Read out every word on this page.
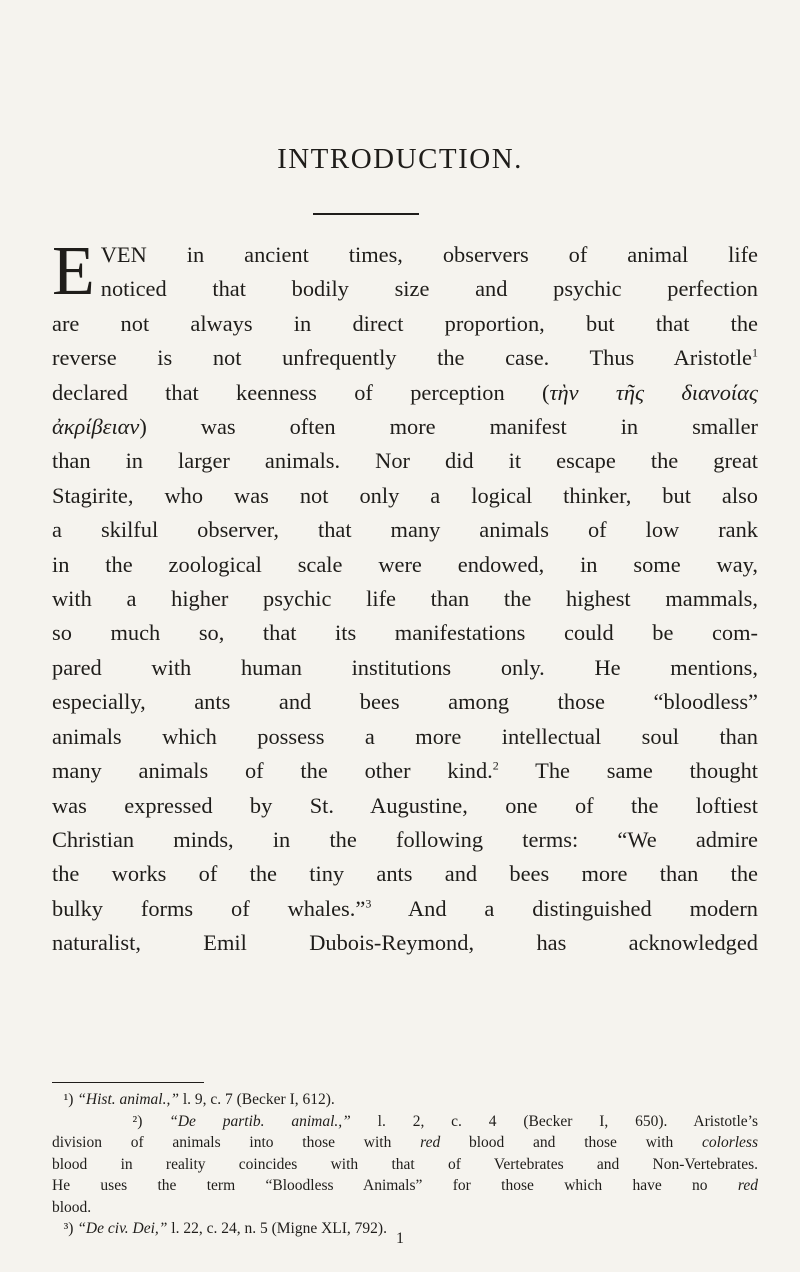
INTRODUCTION.
E VEN in ancient times, observers of animal life
noticed that bodily size and psychic perfection
are not always in direct proportion, but that the
reverse is not unfrequently the case. Thus Aristotle$^1$
declared that keenness of perception (τὴν τῆς διανοίας
ἀκρίβειαν) was often more manifest in smaller
than in larger animals. Nor did it escape the great
Stagirite, who was not only a logical thinker, but also
a skilful observer, that many animals of low rank
in the zoological scale were endowed, in some way,
with a higher psychic life than the highest mammals,
so much so, that its manifestations could be com-
pared with human institutions only. He mentions,
especially, ants and bees among those “bloodless”
animals which possess a more intellectual soul than
many animals of the other kind.$^2$ The same thought
was expressed by St. Augustine, one of the loftiest
Christian minds, in the following terms: “We admire
the works of the tiny ants and bees more than the
bulky forms of whales.”$^3$ And a distinguished modern
naturalist, Emil Dubois-Reymond, has acknowledged
¹) “Hist. animal.,” l. 9, c. 7 (Becker I, 612).
²) “De partib. animal.,” l. 2, c. 4 (Becker I, 650). Aristotle’s
division of animals into those with red blood and those with colorless
blood in reality coincides with that of Vertebrates and Non-Vertebrates.
He uses the term “Bloodless Animals” for those which have no red
blood.
³) “De civ. Dei,” l. 22, c. 24, n. 5 (Migne XLI, 792).
1
